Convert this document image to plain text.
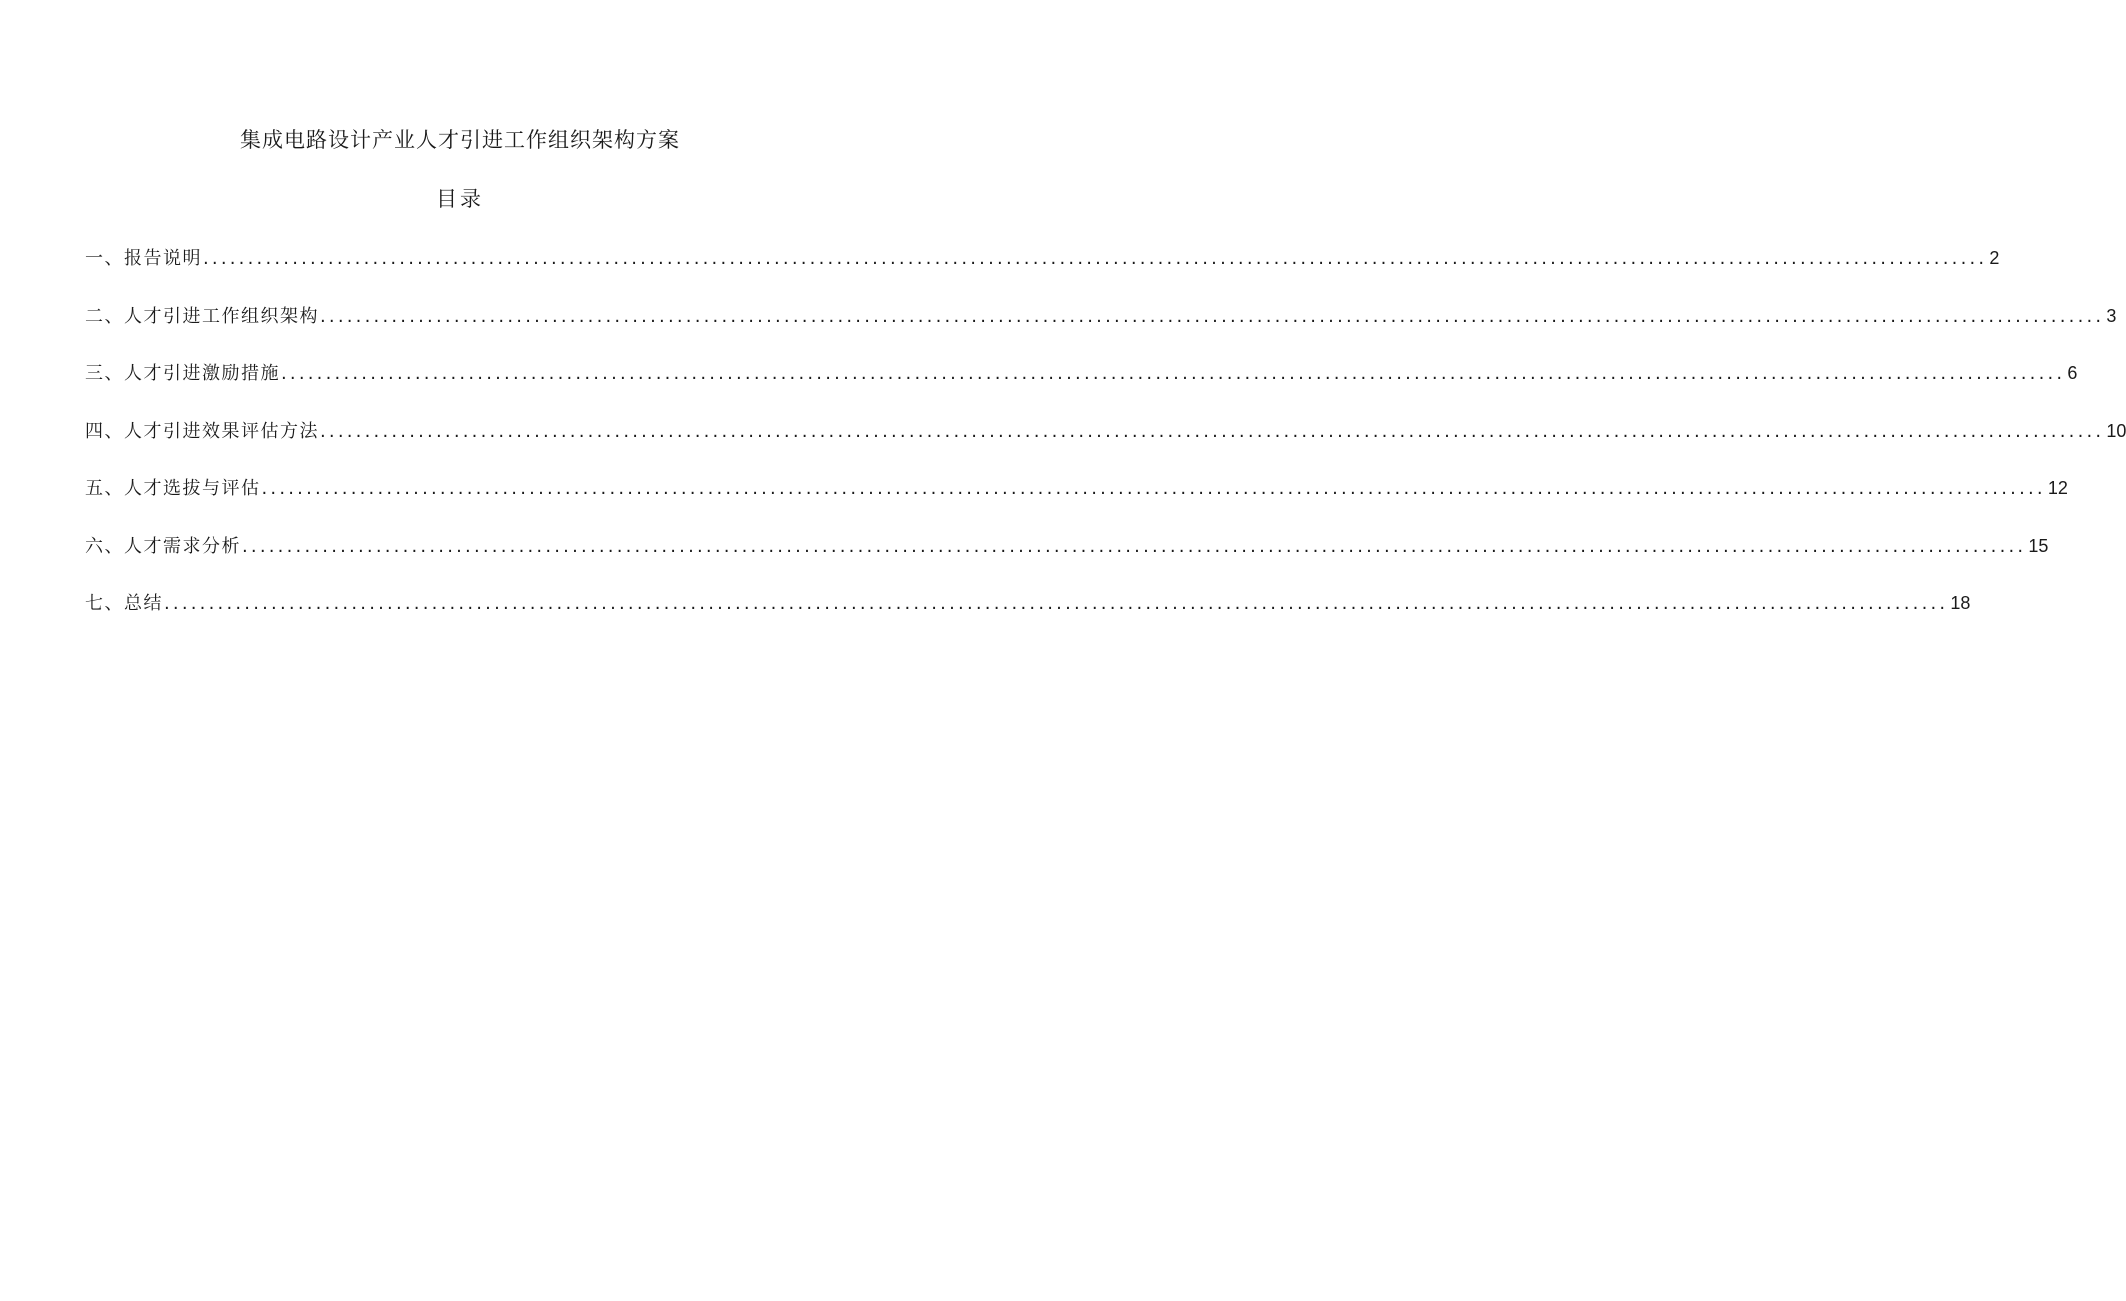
集成电路设计产业人才引进工作组织架构方案
目录
一、报告说明 ........................................................................................................................................................................................................ 2
二、人才引进工作组织架构 ........................................................................................................................................................................................................ 3
三、人才引进激励措施 ........................................................................................................................................................................................................ 6
四、人才引进效果评估方法 ........................................................................................................................................................................................................ 10
五、人才选拔与评估 ........................................................................................................................................................................................................ 12
六、人才需求分析 ........................................................................................................................................................................................................ 15
七、总结 ........................................................................................................................................................................................................ 18
